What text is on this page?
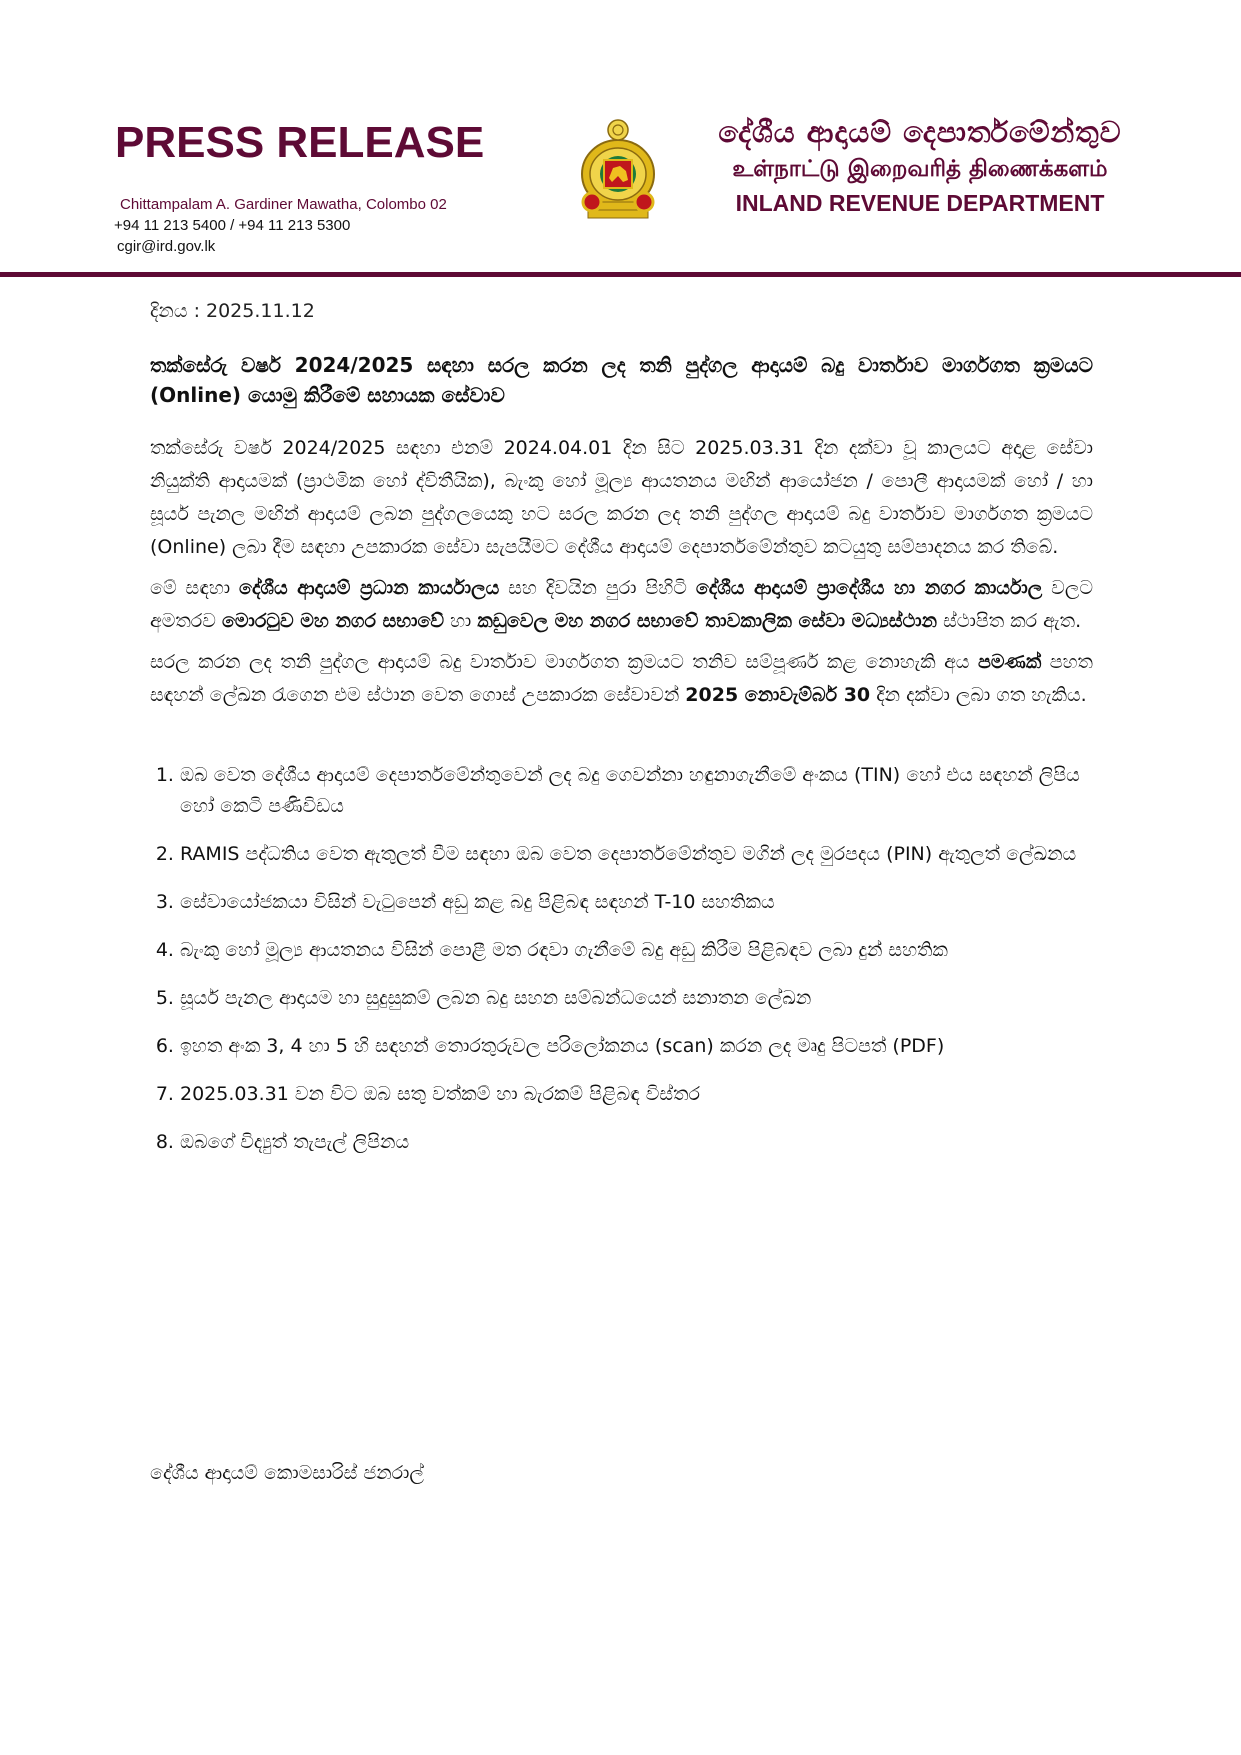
PRESS RELEASE
Chittampalam A. Gardiner Mawatha, Colombo 02
+94 11 213 5400 / +94 11 213 5300
cgir@ird.gov.lk
දේශීය ආදායම් දෙපාර්තමේන්තුව
உள்நாட்டு இறைவரித் திணைக்களம்
INLAND REVENUE DEPARTMENT

දිනය : 2025.11.12

තක්සේරු වර්ෂ 2024/2025 සඳහා සරල කරන ලද තනි පුද්ගල ආදායම් බදු වාර්තාව මාර්ගගත ක්‍රමයට (Online) යොමු කිරීමේ සහායක සේවාව

තක්සේරු වර්ෂ 2024/2025 සඳහා එනම් 2024.04.01 දින සිට 2025.03.31 දින දක්වා වූ කාලයට අදාළ සේවා නියුක්ති ආදායමක් (ප්‍රාථමික හෝ ද්විතීයික), බැංකු හෝ මූල්‍ය ආයතනය මඟින් ආයෝජන / පොලී ආදායමක් හෝ / හා සූර්ය පැනල මඟින් ආදායම් ලබන පුද්ගලයෙකු හට සරල කරන ලද තනි පුද්ගල ආදායම් බදු වාර්තාව මාර්ගගත ක්‍රමයට (Online) ලබා දීම සඳහා උපකාරක සේවා සැපයීමට දේශීය ආදායම් දෙපාර්තමේන්තුව කටයුතු සම්පාදනය කර තිබේ.

මේ සඳහා දේශීය ආදායම් ප්‍රධාන කාර්යාලය සහ දිවයින පුරා පිහිටි දේශීය ආදායම් ප්‍රාදේශීය හා නගර කාර්යාල වලට අමතරව මොරටුව මහ නගර සභාවේ හා කඩුවෙල මහ නගර සභාවේ තාවකාලික සේවා මධ්‍යස්ථාන ස්ථාපිත කර ඇත.

සරල කරන ලද තනි පුද්ගල ආදායම් බදු වාර්තාව මාර්ගගත ක්‍රමයට තනිව සම්පූර්ණ කළ නොහැකි අය පමණක් පහත සඳහන් ලේඛන රැගෙන එම ස්ථාන වෙත ගොස් උපකාරක සේවාවන් 2025 නොවැම්බර් 30 දින දක්වා ලබා ගත හැකිය.

1. ඔබ වෙත දේශීය ආදායම් දෙපාර්තමේන්තුවෙන් ලද බදු ගෙවන්නා හඳුනාගැනීමේ අංකය (TIN) හෝ එය සඳහන් ලිපිය හෝ කෙටි පණිවිඩය
2. RAMIS පද්ධතිය වෙත ඇතුලත් වීම සඳහා ඔබ වෙත දෙපාර්තමේන්තුව මගින් ලද මුරපදය (PIN) ඇතුලත් ලේඛනය
3. සේවායෝජකයා විසින් වැටුපෙන් අඩු කළ බදු පිළිබඳ සඳහන් T-10 සහතිකය
4. බැංකු හෝ මූල්‍ය ආයතනය විසින් පොළී මත රඳවා ගැනීමේ බදු අඩු කිරීම පිළිබඳව ලබා දුන් සහතික
5. සූර්ය පැනල ආදායම හා සුදුසුකම් ලබන බදු සහන සම්බන්ධයෙන් සනාතන ලේඛන
6. ඉහත අංක 3, 4 හා 5 හි සඳහන් තොරතුරුවල පරිලෝකනය (scan) කරන ලද මෘදු පිටපත් (PDF)
7. 2025.03.31 වන විට ඔබ සතු වත්කම් හා බැරකම් පිළිබඳ විස්තර
8. ඔබගේ විද්‍යුත් තැපැල් ලිපිනය
දේශීය ආදායම් කොමසාරිස් ජනරාල්
